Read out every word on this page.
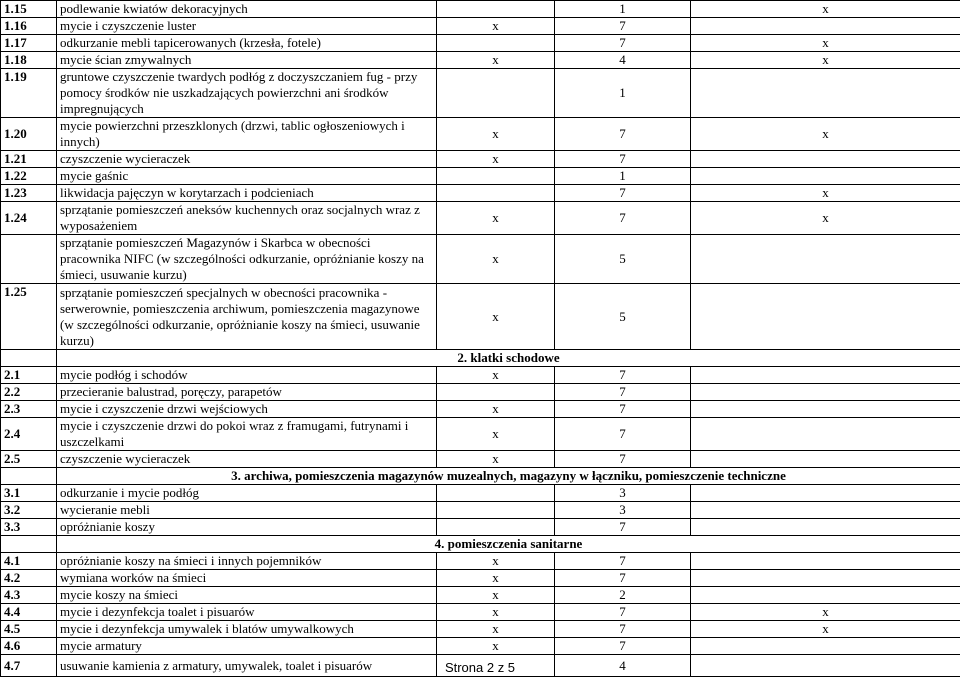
1.15	podlewanie kwiatów dekoracyjnych		1	x
1.16	mycie i czyszczenie luster	x	7	
1.17	odkurzanie mebli tapicerowanych (krzesła, fotele)		7	x
1.18	mycie ścian zmywalnych	x	4	x
1.19	gruntowe czyszczenie twardych podłóg z doczyszczaniem fug - przy pomocy środków nie uszkadzających powierzchni ani środków impregnujących		1	
1.20	mycie powierzchni przeszklonych (drzwi, tablic ogłoszeniowych i innych)	x	7	x
1.21	czyszczenie wycieraczek	x	7	
1.22	mycie gaśnic		1	
1.23	likwidacja pajęczyn w korytarzach i podcieniach		7	x
1.24	sprzątanie pomieszczeń aneksów kuchennych oraz socjalnych wraz z wyposażeniem	x	7	x
	sprzątanie pomieszczeń Magazynów i Skarbca w obecności pracownika NIFC (w szczególności odkurzanie, opróżnianie koszy na śmieci, usuwanie kurzu)	x	5	
1.25	sprzątanie pomieszczeń specjalnych w obecności pracownika - serwerownie, pomieszczenia archiwum, pomieszczenia magazynowe (w szczególności odkurzanie, opróżnianie koszy na śmieci, usuwanie kurzu)	x	5	
	2. klatki schodowe			
2.1	mycie podłóg i schodów	x	7	
2.2	przecieranie balustrad, poręczy, parapetów		7	
2.3	mycie i czyszczenie drzwi wejściowych	x	7	
2.4	mycie i czyszczenie drzwi do pokoi wraz z framugami, futrynami i uszczelkami	x	7	
2.5	czyszczenie wycieraczek	x	7	
	3. archiwa, pomieszczenia magazynów muzealnych, magazyny w łączniku, pomieszczenie techniczne			
3.1	odkurzanie i mycie podłóg		3	
3.2	wycieranie mebli		3	
3.3	opróżnianie koszy		7	
	4. pomieszczenia sanitarne			
4.1	opróżnianie koszy na śmieci i innych pojemników	x	7	
4.2	wymiana worków na śmieci	x	7	
4.3	mycie koszy na śmieci	x	2	
4.4	mycie i dezynfekcja toalet i pisuarów	x	7	x
4.5	mycie i dezynfekcja umywalek i blatów umywalkowych	x	7	x
4.6	mycie armatury	x	7	
4.7	usuwanie kamienia z armatury, umywalek, toalet i pisuarów		4	
Strona 2 z 5
